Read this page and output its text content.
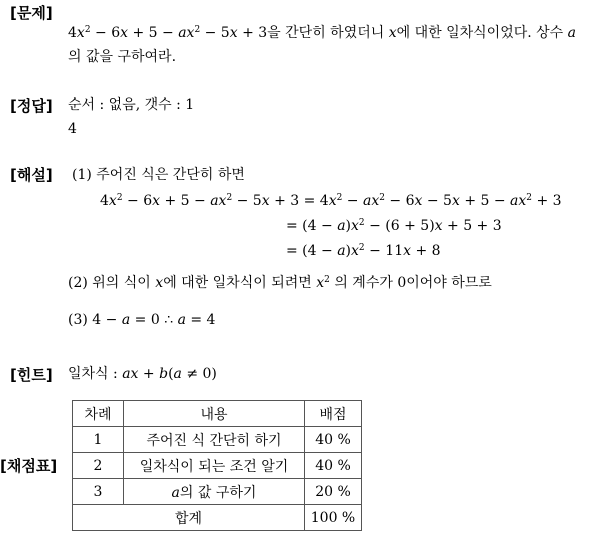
[문제]
$4x^2 - 6x + 5 - ax^2 - 5x + 3$을 간단히 하였더니 x에 대한 일차식이었다. 상수 a
의 값을 구하여라.
[정답] 순서 : 없음, 갯수 : 1
4
[해설] (1) 주어진 식은 간단히 하면
$4x^2 - 6x + 5 - ax^2 - 5x + 3 = 4x^2 - ax^2 - 6x - 5x + 5 - ax^2 + 3$
= $(4 - a)x^2 - (6 + 5)x + 5 + 3$
= $(4 - a)x^2 - 11x + 8$
(2) 위의 식이 x에 대한 일차식이 되려면 $x^2$ 의 계수가 0이어야 하므로
(3) 4 − a = 0 ∴ a = 4
[힌트] 일차식 : ax + b(a ≠ 0)
[채점표]
차례	내용	배점
1	주어진 식 간단히 하기	40 %
2	일차식이 되는 조건 알기	40 %
3	a의 값 구하기	20 %
합계		100 %
